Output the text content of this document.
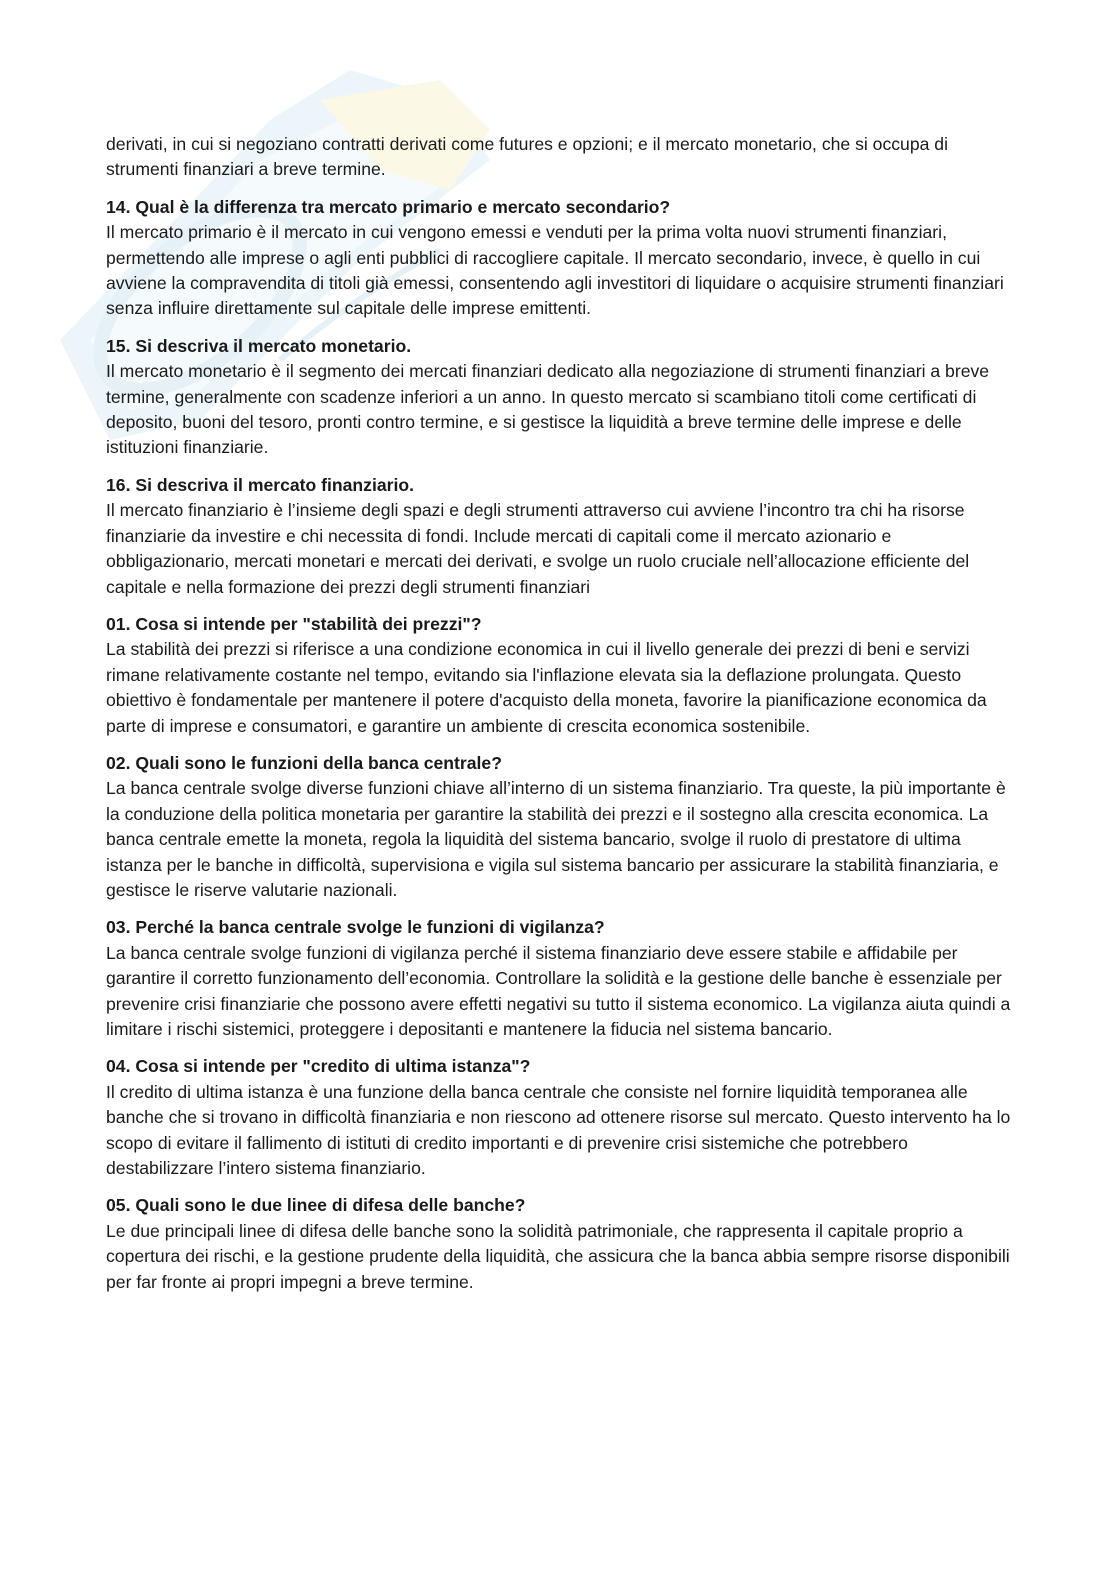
derivati, in cui si negoziano contratti derivati come futures e opzioni; e il mercato monetario, che si occupa di strumenti finanziari a breve termine.

14. Qual è la differenza tra mercato primario e mercato secondario?

Il mercato primario è il mercato in cui vengono emessi e venduti per la prima volta nuovi strumenti finanziari, permettendo alle imprese o agli enti pubblici di raccogliere capitale. Il mercato secondario, invece, è quello in cui avviene la compravendita di titoli già emessi, consentendo agli investitori di liquidare o acquisire strumenti finanziari senza influire direttamente sul capitale delle imprese emittenti.

15. Si descriva il mercato monetario.

Il mercato monetario è il segmento dei mercati finanziari dedicato alla negoziazione di strumenti finanziari a breve termine, generalmente con scadenze inferiori a un anno. In questo mercato si scambiano titoli come certificati di deposito, buoni del tesoro, pronti contro termine, e si gestisce la liquidità a breve termine delle imprese e delle istituzioni finanziarie.

16. Si descriva il mercato finanziario.

Il mercato finanziario è l’insieme degli spazi e degli strumenti attraverso cui avviene l’incontro tra chi ha risorse finanziarie da investire e chi necessita di fondi. Include mercati di capitali come il mercato azionario e obbligazionario, mercati monetari e mercati dei derivati, e svolge un ruolo cruciale nell’allocazione efficiente del capitale e nella formazione dei prezzi degli strumenti finanziari

01. Cosa si intende per "stabilità dei prezzi"?

La stabilità dei prezzi si riferisce a una condizione economica in cui il livello generale dei prezzi di beni e servizi rimane relativamente costante nel tempo, evitando sia l'inflazione elevata sia la deflazione prolungata. Questo obiettivo è fondamentale per mantenere il potere d'acquisto della moneta, favorire la pianificazione economica da parte di imprese e consumatori, e garantire un ambiente di crescita economica sostenibile.

02. Quali sono le funzioni della banca centrale?

La banca centrale svolge diverse funzioni chiave all’interno di un sistema finanziario. Tra queste, la più importante è la conduzione della politica monetaria per garantire la stabilità dei prezzi e il sostegno alla crescita economica. La banca centrale emette la moneta, regola la liquidità del sistema bancario, svolge il ruolo di prestatore di ultima istanza per le banche in difficoltà, supervisiona e vigila sul sistema bancario per assicurare la stabilità finanziaria, e gestisce le riserve valutarie nazionali.

03. Perché la banca centrale svolge le funzioni di vigilanza?

La banca centrale svolge funzioni di vigilanza perché il sistema finanziario deve essere stabile e affidabile per garantire il corretto funzionamento dell’economia. Controllare la solidità e la gestione delle banche è essenziale per prevenire crisi finanziarie che possono avere effetti negativi su tutto il sistema economico. La vigilanza aiuta quindi a limitare i rischi sistemici, proteggere i depositanti e mantenere la fiducia nel sistema bancario.

04. Cosa si intende per "credito di ultima istanza"?

Il credito di ultima istanza è una funzione della banca centrale che consiste nel fornire liquidità temporanea alle banche che si trovano in difficoltà finanziaria e non riescono ad ottenere risorse sul mercato. Questo intervento ha lo scopo di evitare il fallimento di istituti di credito importanti e di prevenire crisi sistemiche che potrebbero destabilizzare l’intero sistema finanziario.

05. Quali sono le due linee di difesa delle banche?

Le due principali linee di difesa delle banche sono la solidità patrimoniale, che rappresenta il capitale proprio a copertura dei rischi, e la gestione prudente della liquidità, che assicura che la banca abbia sempre risorse disponibili per far fronte ai propri impegni a breve termine.
